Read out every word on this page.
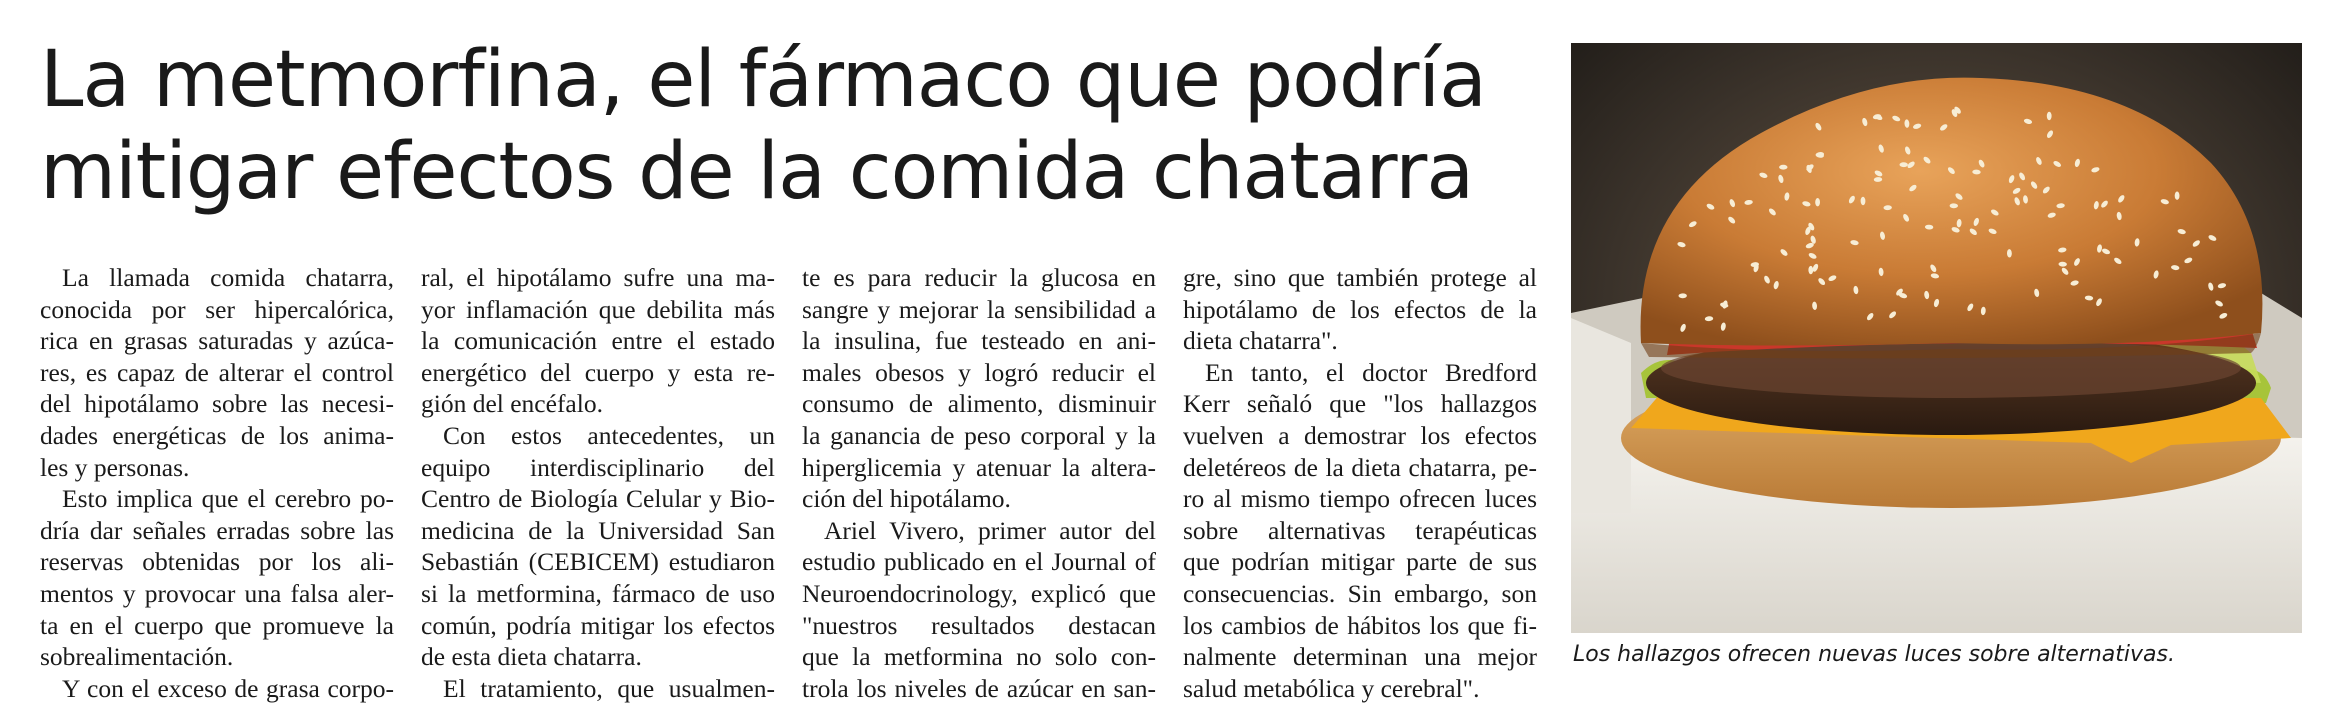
La metmorfina, el fármaco que podría
mitigar efectos de la comida chatarra
La llamada comida chatarra,
conocida por ser hipercalórica,
rica en grasas saturadas y azúca-
res, es capaz de alterar el control
del hipotálamo sobre las necesi-
dades energéticas de los anima-
les y personas.
Esto implica que el cerebro po-
dría dar señales erradas sobre las
reservas obtenidas por los ali-
mentos y provocar una falsa aler-
ta en el cuerpo que promueve la
sobrealimentación.
Y con el exceso de grasa corpo-
ral, el hipotálamo sufre una ma-
yor inflamación que debilita más
la comunicación entre el estado
energético del cuerpo y esta re-
gión del encéfalo.
Con estos antecedentes, un
equipo interdisciplinario del
Centro de Biología Celular y Bio-
medicina de la Universidad San
Sebastián (CEBICEM) estudiaron
si la metformina, fármaco de uso
común, podría mitigar los efectos
de esta dieta chatarra.
El tratamiento, que usualmen-
te es para reducir la glucosa en
sangre y mejorar la sensibilidad a
la insulina, fue testeado en ani-
males obesos y logró reducir el
consumo de alimento, disminuir
la ganancia de peso corporal y la
hiperglicemia y atenuar la altera-
ción del hipotálamo.
Ariel Vivero, primer autor del
estudio publicado en el Journal of
Neuroendocrinology, explicó que
"nuestros resultados destacan
que la metformina no solo con-
trola los niveles de azúcar en san-
gre, sino que también protege al
hipotálamo de los efectos de la
dieta chatarra".
En tanto, el doctor Bredford
Kerr señaló que "los hallazgos
vuelven a demostrar los efectos
deletéreos de la dieta chatarra, pe-
ro al mismo tiempo ofrecen luces
sobre alternativas terapéuticas
que podrían mitigar parte de sus
consecuencias. Sin embargo, son
los cambios de hábitos los que fi-
nalmente determinan una mejor
salud metabólica y cerebral".
Los hallazgos ofrecen nuevas luces sobre alternativas.
